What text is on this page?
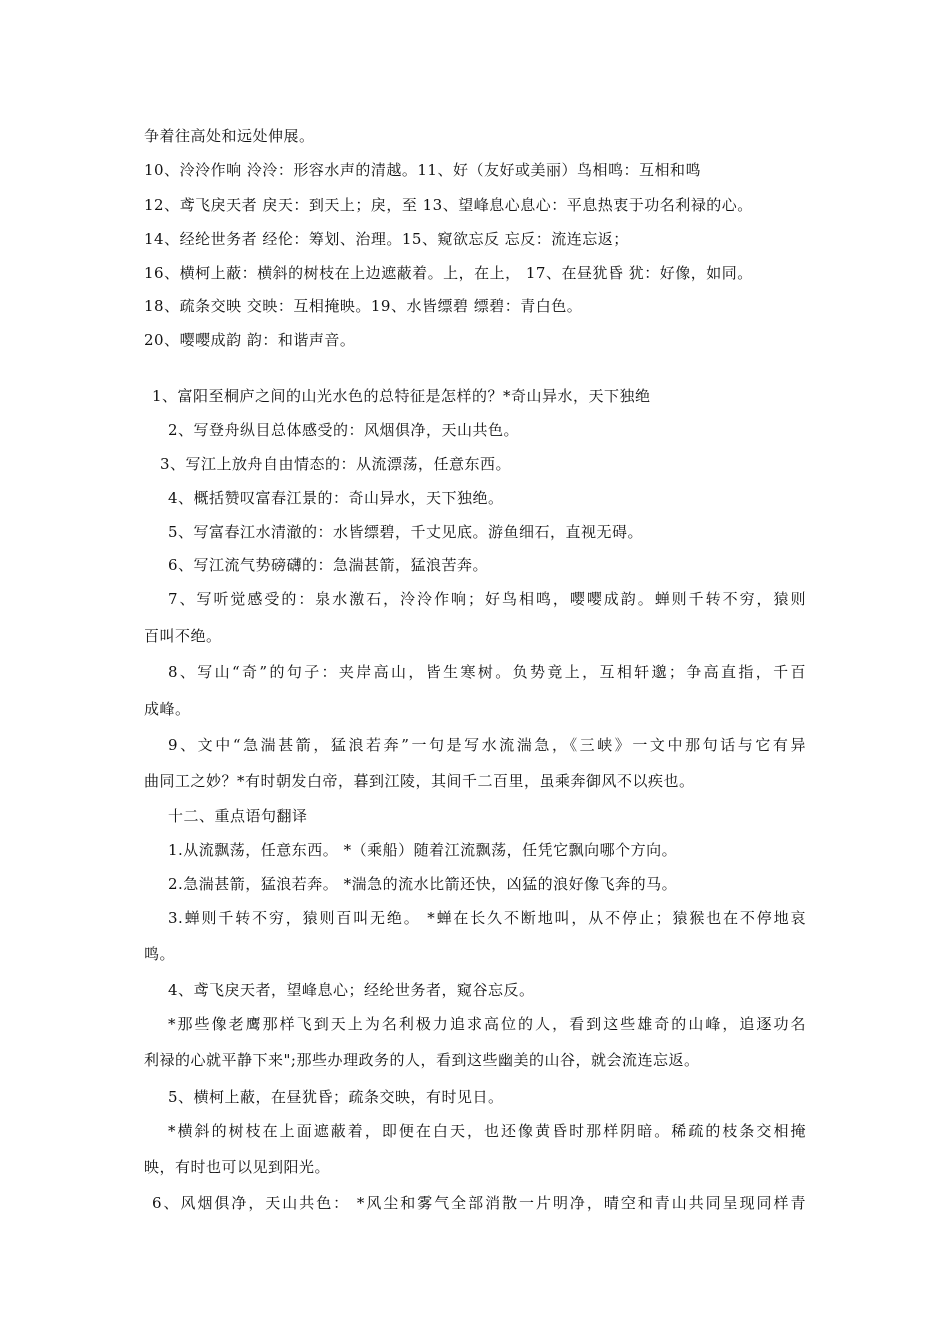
争着往高处和远处伸展。
10、泠泠作响 泠泠：形容水声的清越。11、好（友好或美丽）鸟相鸣：互相和鸣
12、鸢飞戾天者 戾天：到天上；戾，至 13、望峰息心息心：平息热衷于功名利禄的心。
14、经纶世务者 经伦：筹划、治理。15、窥欲忘反 忘反：流连忘返；
16、横柯上蔽：横斜的树枝在上边遮蔽着。上，在上， 17、在昼犹昏 犹：好像，如同。
18、疏条交映 交映：互相掩映。19、水皆缥碧 缥碧：青白色。
20、嘤嘤成韵 韵：和谐声音。
1、富阳至桐庐之间的山光水色的总特征是怎样的？*奇山异水，天下独绝
2、写登舟纵目总体感受的：风烟俱净，天山共色。
3、写江上放舟自由情态的：从流漂荡，任意东西。
4、概括赞叹富春江景的：奇山异水，天下独绝。
5、写富春江水清澈的：水皆缥碧，千丈见底。游鱼细石，直视无碍。
6、写江流气势磅礴的：急湍甚箭，猛浪苦奔。
7、写听觉感受的：泉水激石，泠泠作响；好鸟相鸣，嘤嘤成韵。蝉则千转不穷，猿则
百叫不绝。
8、写山“奇”的句子：夹岸高山，皆生寒树。负势竟上，互相轩邈；争高直指，千百
成峰。
9、文中“急湍甚箭，猛浪若奔”一句是写水流湍急，《三峡》一文中那句话与它有异
曲同工之妙？*有时朝发白帝，暮到江陵，其间千二百里，虽乘奔御风不以疾也。
十二、重点语句翻译
1.从流飘荡，任意东西。 *（乘船）随着江流飘荡，任凭它飘向哪个方向。
2.急湍甚箭，猛浪若奔。 *湍急的流水比箭还快，凶猛的浪好像飞奔的马。
3.蝉则千转不穷，猿则百叫无绝。 *蝉在长久不断地叫，从不停止；猿猴也在不停地哀
鸣。
4、鸢飞戾天者，望峰息心；经纶世务者，窥谷忘反。
*那些像老鹰那样飞到天上为名利极力追求高位的人，看到这些雄奇的山峰，追逐功名
利禄的心就平静下来";那些办理政务的人，看到这些幽美的山谷，就会流连忘返。
5、横柯上蔽，在昼犹昏；疏条交映，有时见日。
*横斜的树枝在上面遮蔽着，即便在白天，也还像黄昏时那样阴暗。稀疏的枝条交相掩
映，有时也可以见到阳光。
6、风烟俱净，天山共色： *风尘和雾气全部消散一片明净，晴空和青山共同呈现同样青
